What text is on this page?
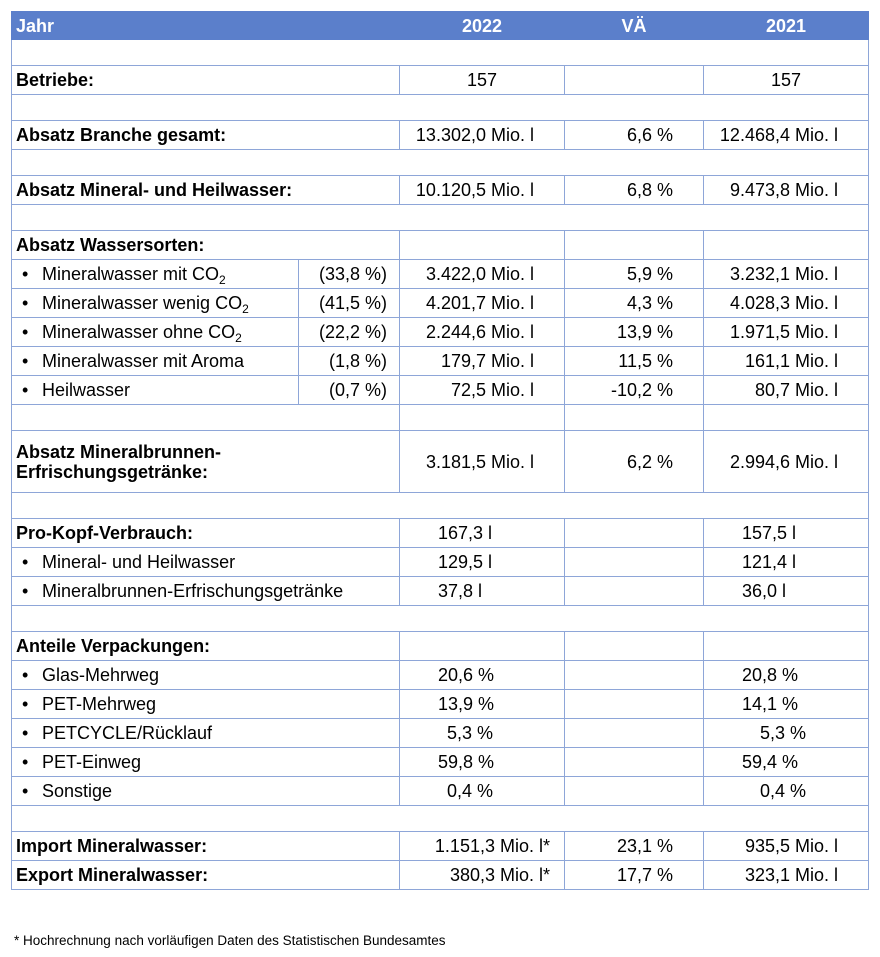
Jahr		2022	VÄ	2021

Betriebe:		157		157

Absatz Branche gesamt:		13.302,0 Mio. l	6,6 %	12.468,4 Mio. l

Absatz Mineral- und Heilwasser:		10.120,5 Mio. l	6,8 %	9.473,8 Mio. l

Absatz Wassersorten:				
• Mineralwasser mit $CO_2$	(33,8 %)	3.422,0 Mio. l	5,9 %	3.232,1 Mio. l
• Mineralwasser wenig $CO_2$	(41,5 %)	4.201,7 Mio. l	4,3 %	4.028,3 Mio. l
• Mineralwasser ohne $CO_2$	(22,2 %)	2.244,6 Mio. l	13,9 %	1.971,5 Mio. l
• Mineralwasser mit Aroma	(1,8 %)	179,7 Mio. l	11,5 %	161,1 Mio. l
• Heilwasser	(0,7 %)	72,5 Mio. l	-10,2 %	80,7 Mio. l

Absatz Mineralbrunnen-
Erfrischungsgetränke:		3.181,5 Mio. l	6,2 %	2.994,6 Mio. l

Pro-Kopf-Verbrauch:		167,3 l		157,5 l
• Mineral- und Heilwasser		129,5 l		121,4 l
• Mineralbrunnen-Erfrischungsgetränke		37,8 l		36,0 l

Anteile Verpackungen:				
• Glas-Mehrweg		20,6 %		20,8 %
• PET-Mehrweg		13,9 %		14,1 %
• PETCYCLE/Rücklauf		5,3 %		5,3 %
• PET-Einweg		59,8 %		59,4 %
• Sonstige		0,4 %		0,4 %

Import Mineralwasser:		1.151,3 Mio. l*	23,1 %	935,5 Mio. l
Export Mineralwasser:		380,3 Mio. l*	17,7 %	323,1 Mio. l
* Hochrechnung nach vorläufigen Daten des Statistischen Bundesamtes
